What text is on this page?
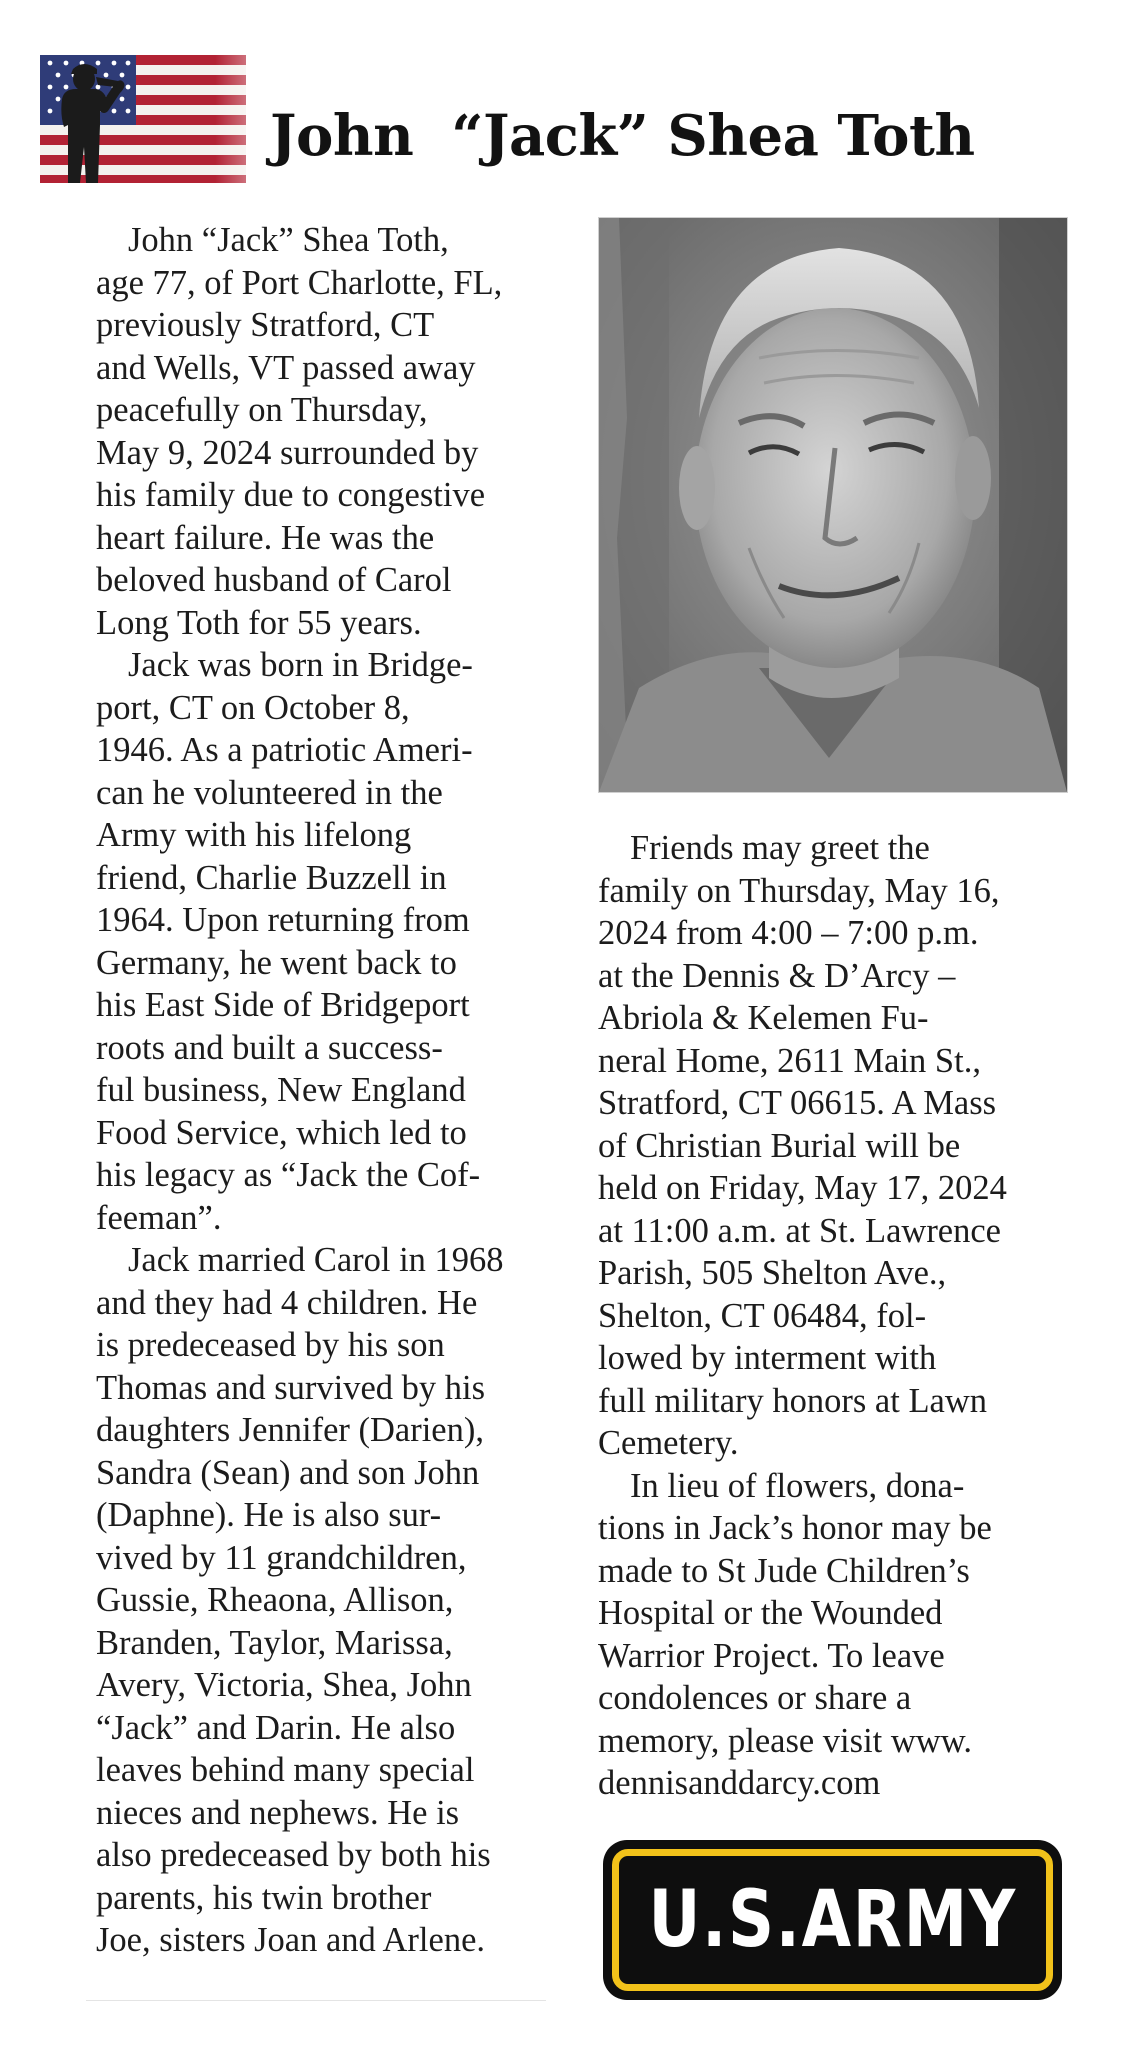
John  “Jack” Shea Toth
John “Jack” Shea Toth,
age 77, of Port Charlotte, FL,
previously Stratford, CT
and Wells, VT passed away
peacefully on Thursday,
May 9, 2024 surrounded by
his family due to congestive
heart failure. He was the
beloved husband of Carol
Long Toth for 55 years.
Jack was born in Bridge-
port, CT on October 8,
1946. As a patriotic Ameri-
can he volunteered in the
Army with his lifelong
friend, Charlie Buzzell in
1964. Upon returning from
Germany, he went back to
his East Side of Bridgeport
roots and built a success-
ful business, New England
Food Service, which led to
his legacy as “Jack the Cof-
feeman”.
Jack married Carol in 1968
and they had 4 children. He
is predeceased by his son
Thomas and survived by his
daughters Jennifer (Darien),
Sandra (Sean) and son John
(Daphne). He is also sur-
vived by 11 grandchildren,
Gussie, Rheaona, Allison,
Branden, Taylor, Marissa,
Avery, Victoria, Shea, John
“Jack” and Darin. He also
leaves behind many special
nieces and nephews. He is
also predeceased by both his
parents, his twin brother
Joe, sisters Joan and Arlene.
Friends may greet the
family on Thursday, May 16,
2024 from 4:00 – 7:00 p.m.
at the Dennis & D’Arcy –
Abriola & Kelemen Fu-
neral Home, 2611 Main St.,
Stratford, CT 06615. A Mass
of Christian Burial will be
held on Friday, May 17, 2024
at 11:00 a.m. at St. Lawrence
Parish, 505 Shelton Ave.,
Shelton, CT 06484, fol-
lowed by interment with
full military honors at Lawn
Cemetery.
In lieu of flowers, dona-
tions in Jack’s honor may be
made to St Jude Children’s
Hospital or the Wounded
Warrior Project. To leave
condolences or share a
memory, please visit www.
dennisanddarcy.com
U.S.ARMY
